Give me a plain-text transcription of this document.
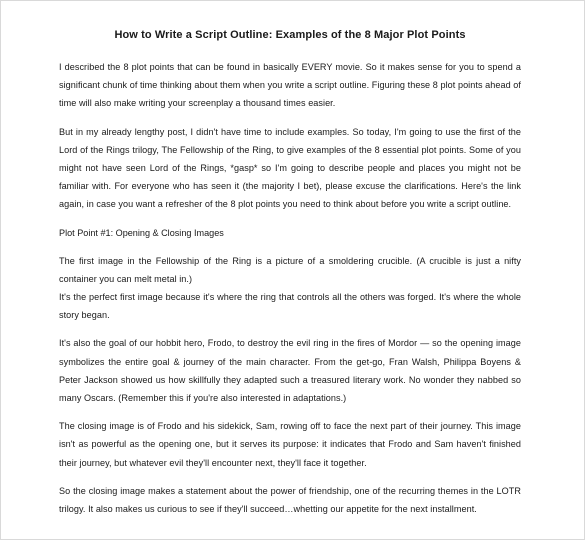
How to Write a Script Outline: Examples of the 8 Major Plot Points

I described the 8 plot points that can be found in basically EVERY movie. So it makes sense for you to spend a significant chunk of time thinking about them when you write a script outline. Figuring these 8 plot points ahead of time will also make writing your screenplay a thousand times easier.

But in my already lengthy post, I didn't have time to include examples. So today, I'm going to use the first of the Lord of the Rings trilogy, The Fellowship of the Ring, to give examples of the 8 essential plot points. Some of you might not have seen Lord of the Rings, *gasp* so I'm going to describe people and places you might not be familiar with. For everyone who has seen it (the majority I bet), please excuse the clarifications. Here's the link again, in case you want a refresher of the 8 plot points you need to think about before you write a script outline.

Plot Point #1: Opening & Closing Images

The first image in the Fellowship of the Ring is a picture of a smoldering crucible. (A crucible is just a nifty container you can melt metal in.)

It's the perfect first image because it's where the ring that controls all the others was forged. It's where the whole story began.

It's also the goal of our hobbit hero, Frodo, to destroy the evil ring in the fires of Mordor — so the opening image symbolizes the entire goal & journey of the main character. From the get-go, Fran Walsh, Philippa Boyens & Peter Jackson showed us how skillfully they adapted such a treasured literary work. No wonder they nabbed so many Oscars. (Remember this if you're also interested in adaptations.)

The closing image is of Frodo and his sidekick, Sam, rowing off to face the next part of their journey. This image isn't as powerful as the opening one, but it serves its purpose: it indicates that Frodo and Sam haven't finished their journey, but whatever evil they'll encounter next, they'll face it together.

So the closing image makes a statement about the power of friendship, one of the recurring themes in the LOTR trilogy. It also makes us curious to see if they'll succeed…whetting our appetite for the next installment.
